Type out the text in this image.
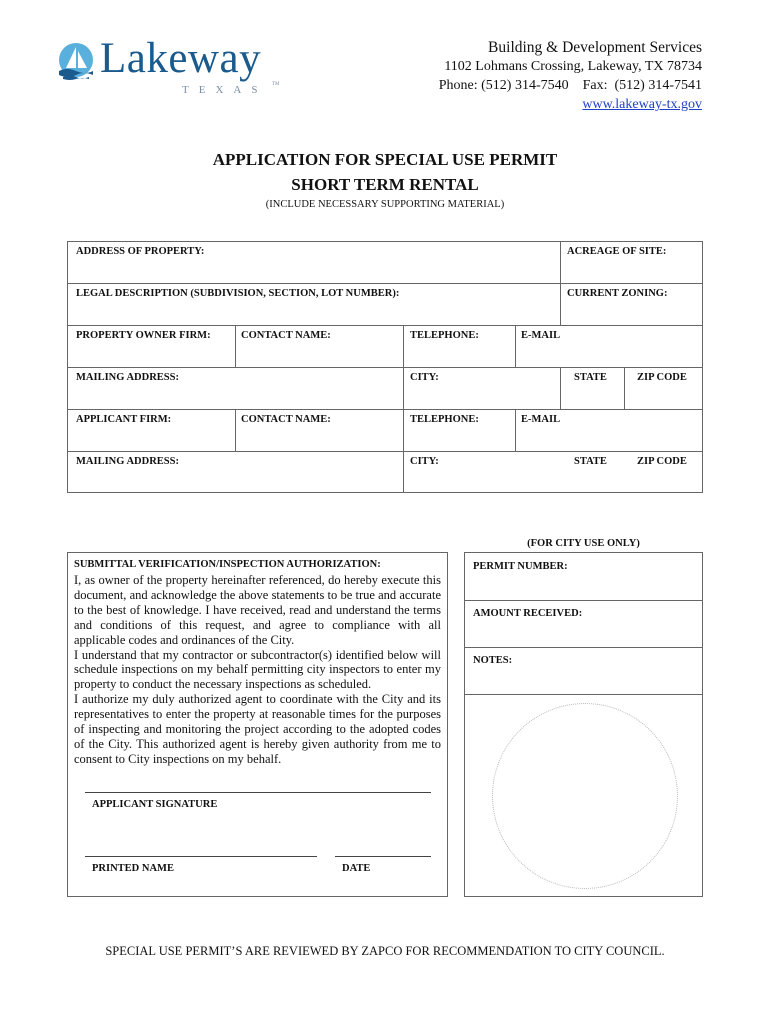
Lakeway
TEXAS TM
Building & Development Services
1102 Lohmans Crossing, Lakeway, TX 78734
Phone: (512) 314-7540    Fax:  (512) 314-7541
www.lakeway-tx.gov
APPLICATION FOR SPECIAL USE PERMIT
SHORT TERM RENTAL
(INCLUDE NECESSARY SUPPORTING MATERIAL)
ADDRESS OF PROPERTY:	ACREAGE OF SITE:
LEGAL DESCRIPTION (SUBDIVISION, SECTION, LOT NUMBER):	CURRENT ZONING:
PROPERTY OWNER FIRM:	CONTACT NAME:	TELEPHONE:	E-MAIL
MAILING ADDRESS:	CITY:	STATE	ZIP CODE
APPLICANT FIRM:	CONTACT NAME:	TELEPHONE:	E-MAIL
MAILING ADDRESS:	CITY:	STATE	ZIP CODE
(FOR CITY USE ONLY)
PERMIT NUMBER:
AMOUNT RECEIVED:
NOTES:
SUBMITTAL VERIFICATION/INSPECTION AUTHORIZATION:

I, as owner of the property hereinafter referenced, do hereby execute this document, and acknowledge the above statements to be true and accurate to the best of knowledge. I have received, read and understand the terms and conditions of this request, and agree to compliance with all applicable codes and ordinances of the City.

I understand that my contractor or subcontractor(s) identified below will schedule inspections on my behalf permitting city inspectors to enter my property to conduct the necessary inspections as scheduled.

I authorize my duly authorized agent to coordinate with the City and its representatives to enter the property at reasonable times for the purposes of inspecting and monitoring the project according to the adopted codes of the City. This authorized agent is hereby given authority from me to consent to City inspections on my behalf.

APPLICANT SIGNATURE
PRINTED NAME	DATE
SPECIAL USE PERMIT’S ARE REVIEWED BY ZAPCO FOR RECOMMENDATION TO CITY COUNCIL.
